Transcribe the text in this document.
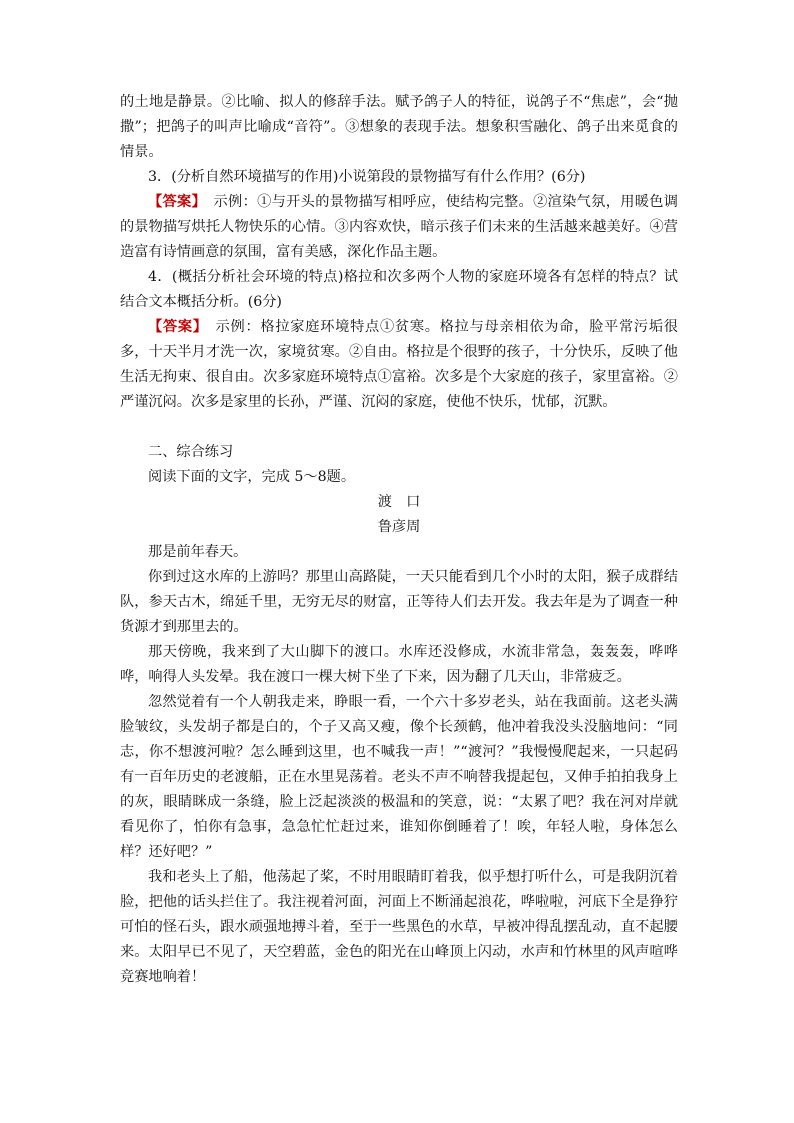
的土地是静景。②比喻、拟人的修辞手法。赋予鸽子人的特征，说鸽子不“焦虑”，会“抛撒”；把鸽子的叫声比喻成“音符”。③想象的表现手法。想象积雪融化、鸽子出来觅食的情景。

3．(分析自然环境描写的作用)小说第段的景物描写有什么作用？(6分)

【答案】　示例：①与开头的景物描写相呼应，使结构完整。②渲染气氛，用暖色调的景物描写烘托人物快乐的心情。③内容欢快，暗示孩子们未来的生活越来越美好。④营造富有诗情画意的氛围，富有美感，深化作品主题。

4．(概括分析社会环境的特点)格拉和次多两个人物的家庭环境各有怎样的特点？试结合文本概括分析。(6分)

【答案】　示例：格拉家庭环境特点①贫寒。格拉与母亲相依为命，脸平常污垢很多，十天半月才洗一次，家境贫寒。②自由。格拉是个很野的孩子，十分快乐，反映了他生活无拘束、很自由。次多家庭环境特点①富裕。次多是个大家庭的孩子，家里富裕。②严谨沉闷。次多是家里的长孙，严谨、沉闷的家庭，使他不快乐，忧郁，沉默。

二、综合练习

阅读下面的文字，完成 5～8题。

渡　口

鲁彦周

那是前年春天。

你到过这水库的上游吗？那里山高路陡，一天只能看到几个小时的太阳，猴子成群结队，参天古木，绵延千里，无穷无尽的财富，正等待人们去开发。我去年是为了调查一种货源才到那里去的。

那天傍晚，我来到了大山脚下的渡口。水库还没修成，水流非常急，轰轰轰，哗哗哗，响得人头发晕。我在渡口一棵大树下坐了下来，因为翻了几天山，非常疲乏。

忽然觉着有一个人朝我走来，睁眼一看，一个六十多岁老头，站在我面前。这老头满脸皱纹，头发胡子都是白的，个子又高又瘦，像个长颈鹤，他冲着我没头没脑地问：“同志，你不想渡河啦？怎么睡到这里，也不喊我一声！”“渡河？”我慢慢爬起来，一只起码有一百年历史的老渡船，正在水里晃荡着。老头不声不响替我提起包，又伸手拍拍我身上的灰，眼睛眯成一条缝，脸上泛起淡淡的极温和的笑意，说：“太累了吧？我在河对岸就看见你了，怕你有急事，急急忙忙赶过来，谁知你倒睡着了！唉，年轻人啦，身体怎么样？还好吧？”

我和老头上了船，他荡起了桨，不时用眼睛盯着我，似乎想打听什么，可是我阴沉着脸，把他的话头拦住了。我注视着河面，河面上不断涌起浪花，哗啦啦，河底下全是狰狞可怕的怪石头，跟水顽强地搏斗着，至于一些黑色的水草，早被冲得乱摆乱动，直不起腰来。太阳早已不见了，天空碧蓝，金色的阳光在山峰顶上闪动，水声和竹林里的风声喧哗竞赛地响着！
